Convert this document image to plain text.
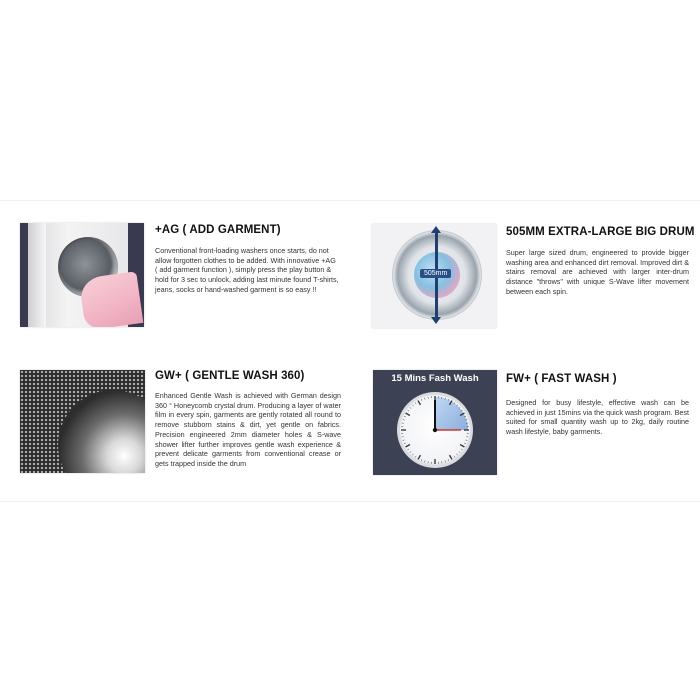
+AG ( ADD GARMENT)
Conventional front-loading washers once starts, do not allow forgotten clothes to be added. With innovative +AG ( add garment function ), simply press the play button & hold for 3 sec to unlock, adding last minute found T-shirts, jeans, socks or hand-washed garment is so easy !!
505mm
505MM EXTRA-LARGE BIG DRUM
Super large sized drum, engineered to provide bigger washing area and enhanced dirt removal. Improved dirt & stains removal are achieved with larger inter-drum distance "throws" with unique S-Wave lifter movement between each spin.
GW+ ( GENTLE WASH 360)
Enhanced Gentle Wash is achieved with German design 360 ° Honeycomb crystal drum. Producing a layer of water film in every spin, garments are gently rotated all round to remove stubborn stains & dirt, yet gentle on fabrics. Precision engineered 2mm diameter holes & S-wave shower lifter further improves gentle wash experience & prevent delicate garments from conventional crease or gets trapped inside the drum
15 Mins Fash Wash	FW+ ( FAST WASH )
Designed for busy lifestyle, effective wash can be achieved in just 15mins via the quick wash program. Best suited for small quantity wash up to 2kg, daily routine wash lifestyle, baby garments.
